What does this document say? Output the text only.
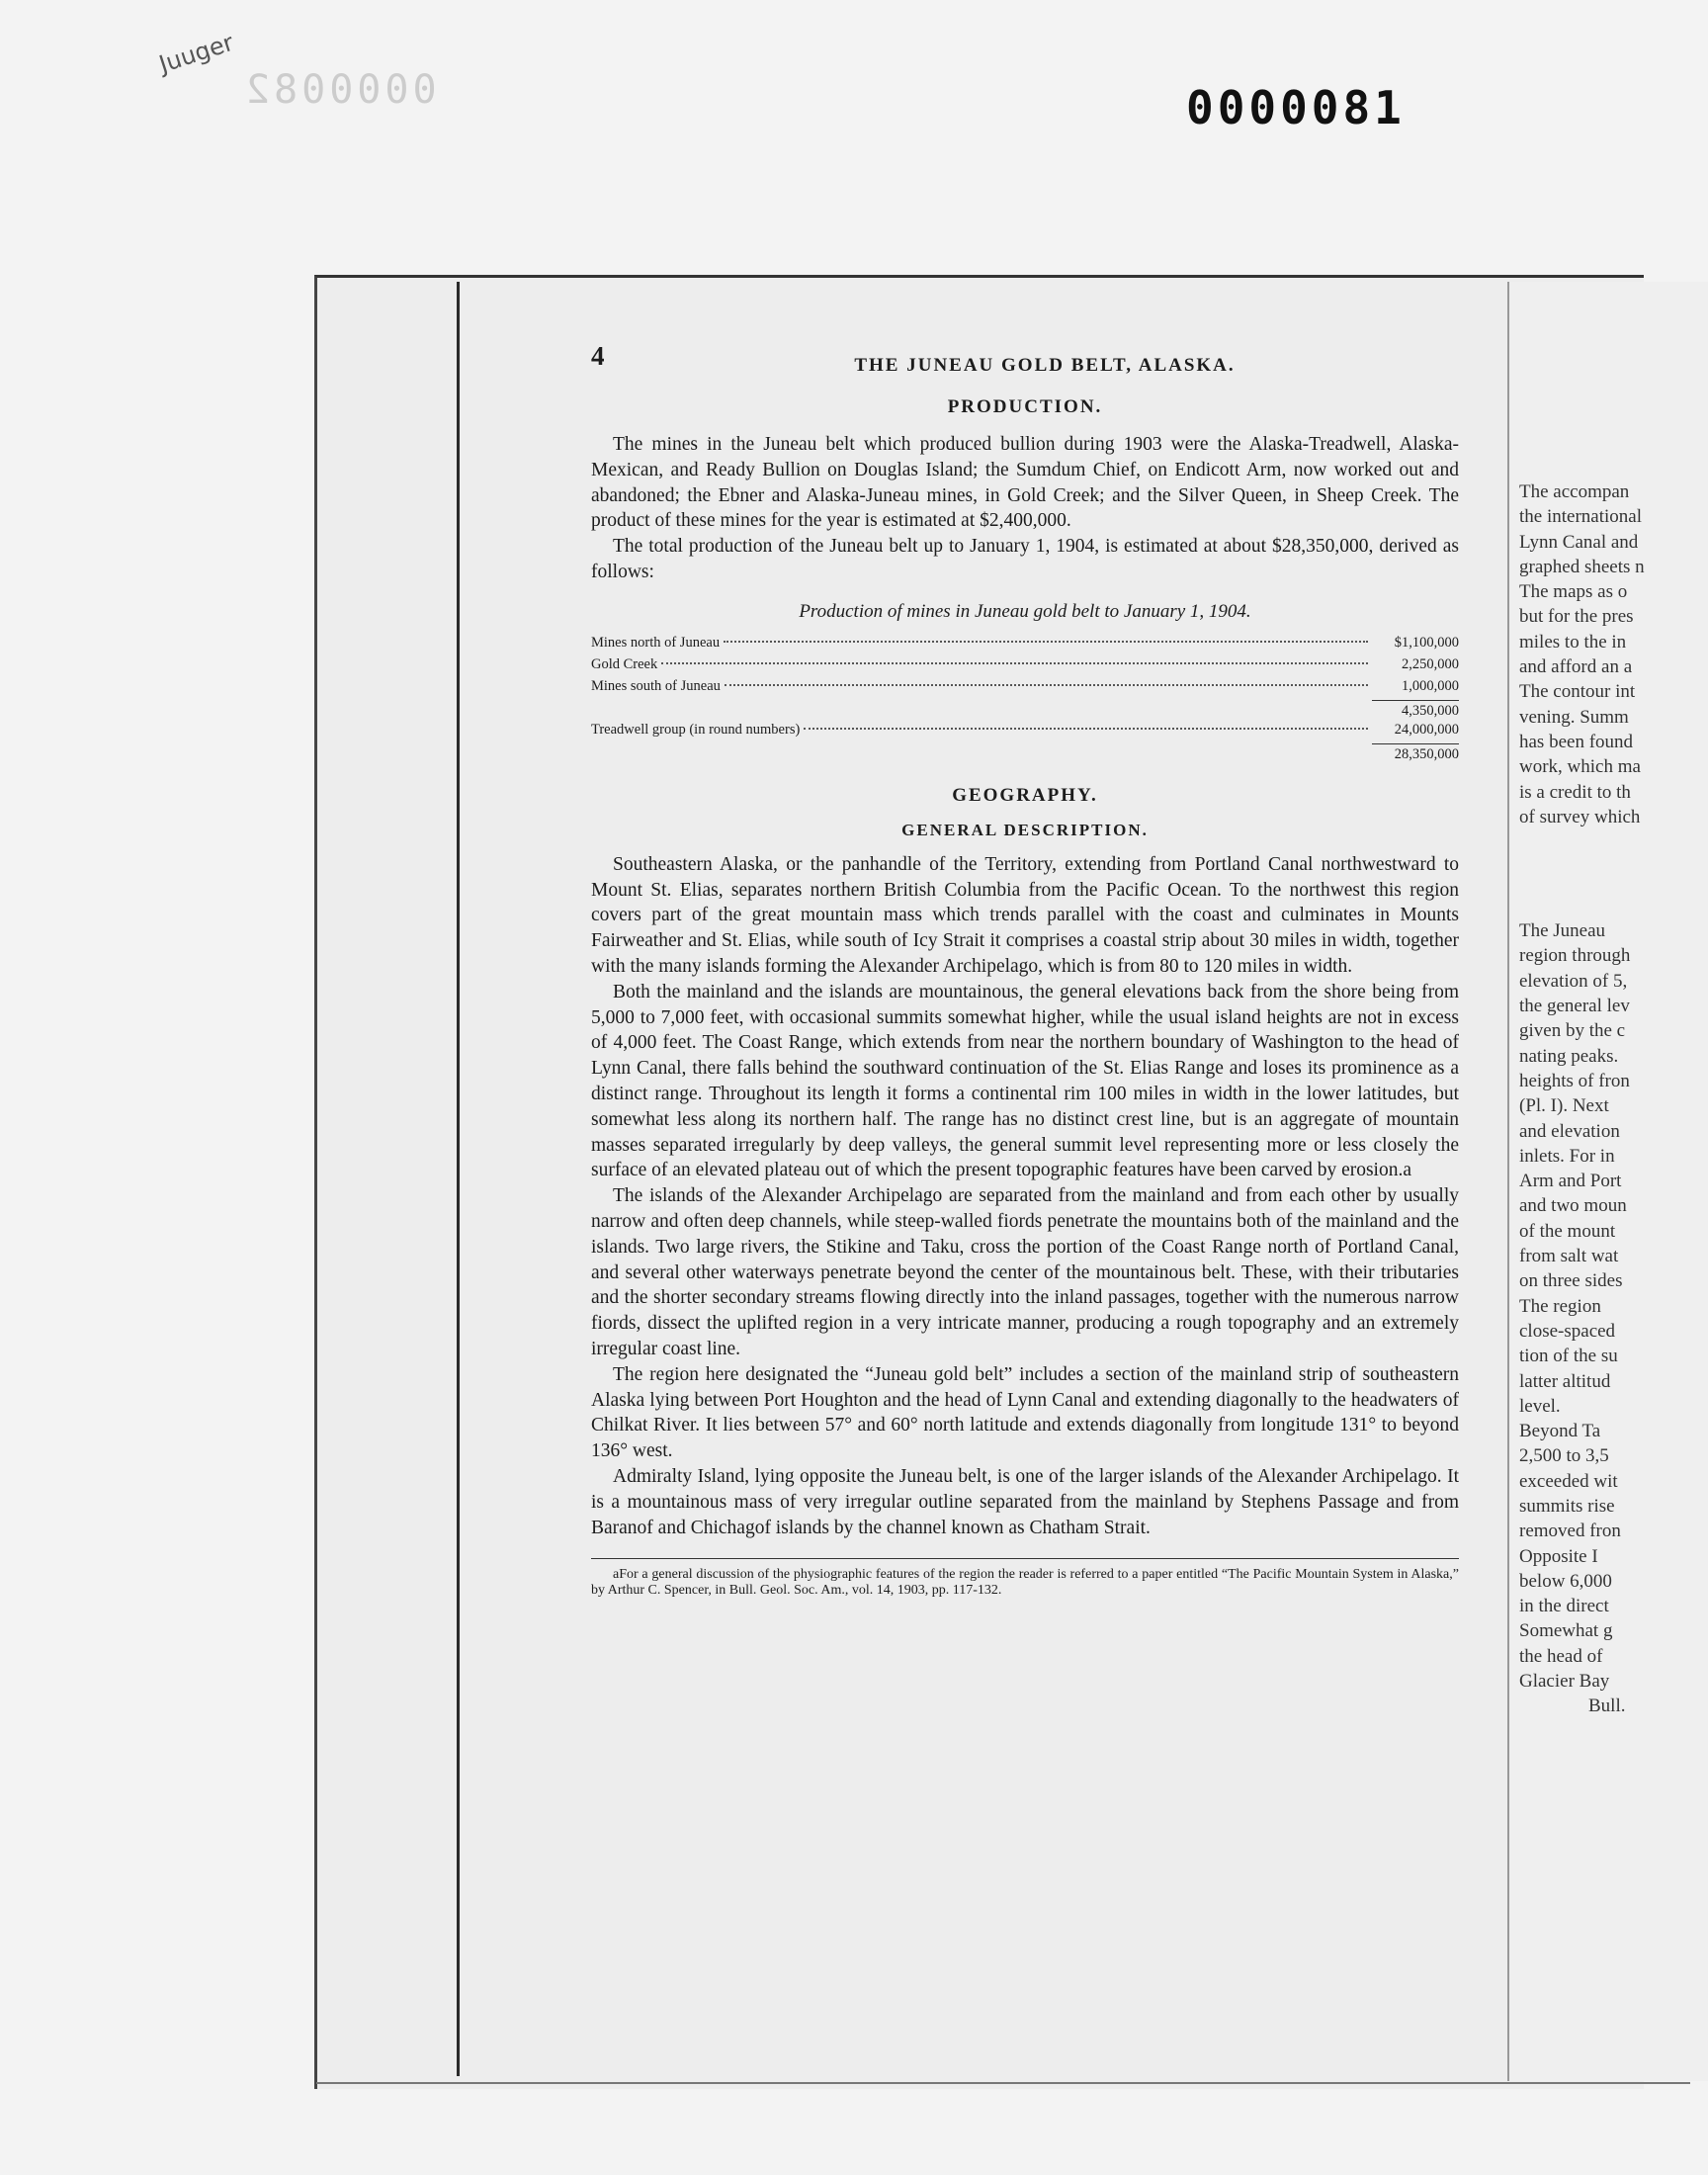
0000082	0000081
Juuger
The accompan
the international
Lynn Canal and
graphed sheets n
The maps as o
but for the pres
miles to the in
and afford an a
The contour int
vening. Summ
has been found
work, which ma
is a credit to th
of survey which
The Juneau
region through
elevation of 5,
the general lev
given by the c
nating peaks.
heights of fron
(Pl. I). Next
and elevation
inlets. For in
Arm and Port
and two moun
of the mount
from salt wat
on three sides
The region
close-spaced
tion of the su
latter altitud
level.
Beyond Ta
2,500 to 3,5
exceeded wit
summits rise
removed fron
Opposite I
below 6,000
in the direct
Somewhat g
the head of
Glacier Bay
Bull.
4	THE JUNEAU GOLD BELT, ALASKA.
PRODUCTION.

The mines in the Juneau belt which produced bullion during 1903 were the Alaska-Treadwell, Alaska-Mexican, and Ready Bullion on Douglas Island; the Sumdum Chief, on Endicott Arm, now worked out and abandoned; the Ebner and Alaska-Juneau mines, in Gold Creek; and the Silver Queen, in Sheep Creek. The product of these mines for the year is estimated at $2,400,000.

The total production of the Juneau belt up to January 1, 1904, is estimated at about $28,350,000, derived as follows:

Production of mines in Juneau gold belt to January 1, 1904.
Mines north of Juneau	$1,100,000
Gold Creek	2,250,000
Mines south of Juneau	1,000,000
4,350,000
Treadwell group (in round numbers)	24,000,000
28,350,000
GEOGRAPHY.
GENERAL DESCRIPTION.

Southeastern Alaska, or the panhandle of the Territory, extending from Portland Canal northwestward to Mount St. Elias, separates northern British Columbia from the Pacific Ocean. To the northwest this region covers part of the great mountain mass which trends parallel with the coast and culminates in Mounts Fairweather and St. Elias, while south of Icy Strait it comprises a coastal strip about 30 miles in width, together with the many islands forming the Alexander Archipelago, which is from 80 to 120 miles in width.

Both the mainland and the islands are mountainous, the general elevations back from the shore being from 5,000 to 7,000 feet, with occasional summits somewhat higher, while the usual island heights are not in excess of 4,000 feet. The Coast Range, which extends from near the northern boundary of Washington to the head of Lynn Canal, there falls behind the southward continuation of the St. Elias Range and loses its prominence as a distinct range. Throughout its length it forms a continental rim 100 miles in width in the lower latitudes, but somewhat less along its northern half. The range has no distinct crest line, but is an aggregate of mountain masses separated irregularly by deep valleys, the general summit level representing more or less closely the surface of an elevated plateau out of which the present topographic features have been carved by erosion.a

The islands of the Alexander Archipelago are separated from the mainland and from each other by usually narrow and often deep channels, while steep-walled fiords penetrate the mountains both of the mainland and the islands. Two large rivers, the Stikine and Taku, cross the portion of the Coast Range north of Portland Canal, and several other waterways penetrate beyond the center of the mountainous belt. These, with their tributaries and the shorter secondary streams flowing directly into the inland passages, together with the numerous narrow fiords, dissect the uplifted region in a very intricate manner, producing a rough topography and an extremely irregular coast line.

The region here designated the “Juneau gold belt” includes a section of the mainland strip of southeastern Alaska lying between Port Houghton and the head of Lynn Canal and extending diagonally to the headwaters of Chilkat River. It lies between 57° and 60° north latitude and extends diagonally from longitude 131° to beyond 136° west.

Admiralty Island, lying opposite the Juneau belt, is one of the larger islands of the Alexander Archipelago. It is a mountainous mass of very irregular outline separated from the mainland by Stephens Passage and from Baranof and Chichagof islands by the channel known as Chatham Strait.

aFor a general discussion of the physiographic features of the region the reader is referred to a paper entitled “The Pacific Mountain System in Alaska,” by Arthur C. Spencer, in Bull. Geol. Soc. Am., vol. 14, 1903, pp. 117-132.
